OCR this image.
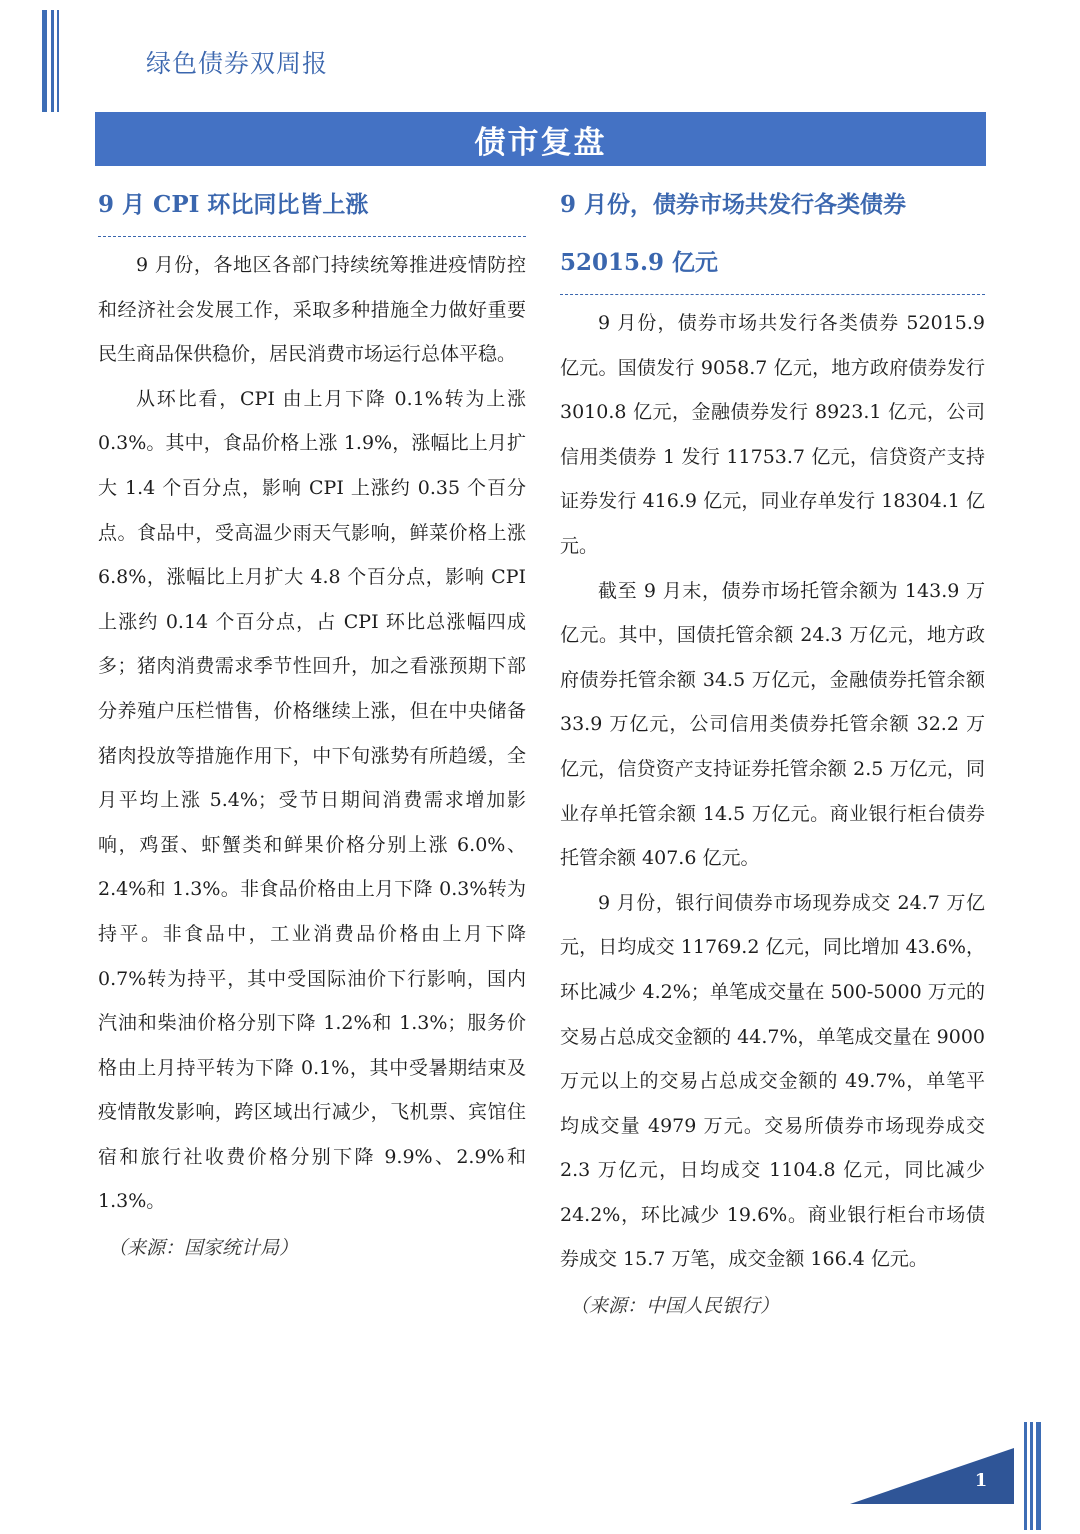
绿色债券双周报
债市复盘
9 月 CPI 环比同比皆上涨

9 月份，各地区各部门持续统筹推进疫情防控和经济社会发展工作，采取多种措施全力做好重要民生商品保供稳价，居民消费市场运行总体平稳。

从环比看，CPI 由上月下降 0.1%转为上涨 0.3%。其中，食品价格上涨 1.9%，涨幅比上月扩大 1.4 个百分点，影响 CPI 上涨约 0.35 个百分点。食品中，受高温少雨天气影响，鲜菜价格上涨 6.8%，涨幅比上月扩大 4.8 个百分点，影响 CPI 上涨约 0.14 个百分点，占 CPI 环比总涨幅四成多；猪肉消费需求季节性回升，加之看涨预期下部分养殖户压栏惜售，价格继续上涨，但在中央储备猪肉投放等措施作用下，中下旬涨势有所趋缓，全月平均上涨 5.4%；受节日期间消费需求增加影响，鸡蛋、虾蟹类和鲜果价格分别上涨 6.0%、2.4%和 1.3%。非食品价格由上月下降 0.3%转为持平。非食品中，工业消费品价格由上月下降 0.7%转为持平，其中受国际油价下行影响，国内汽油和柴油价格分别下降 1.2%和 1.3%；服务价格由上月持平转为下降 0.1%，其中受暑期结束及疫情散发影响，跨区域出行减少，飞机票、宾馆住宿和旅行社收费价格分别下降 9.9%、2.9%和 1.3%。

（来源：国家统计局）
9 月份，债券市场共发行各类债券
52015.9 亿元

9 月份，债券市场共发行各类债券 52015.9 亿元。国债发行 9058.7 亿元，地方政府债券发行 3010.8 亿元，金融债券发行 8923.1 亿元，公司信用类债券 1 发行 11753.7 亿元，信贷资产支持证券发行 416.9 亿元，同业存单发行 18304.1 亿元。

截至 9 月末，债券市场托管余额为 143.9 万亿元。其中，国债托管余额 24.3 万亿元，地方政府债券托管余额 34.5 万亿元，金融债券托管余额 33.9 万亿元，公司信用类债券托管余额 32.2 万亿元，信贷资产支持证券托管余额 2.5 万亿元，同业存单托管余额 14.5 万亿元。商业银行柜台债券托管余额 407.6 亿元。

9 月份，银行间债券市场现券成交 24.7 万亿元，日均成交 11769.2 亿元，同比增加 43.6%，环比减少 4.2%；单笔成交量在 500-5000 万元的交易占总成交金额的 44.7%，单笔成交量在 9000 万元以上的交易占总成交金额的 49.7%，单笔平均成交量 4979 万元。交易所债券市场现券成交 2.3 万亿元，日均成交 1104.8 亿元，同比减少 24.2%，环比减少 19.6%。商业银行柜台市场债券成交 15.7 万笔，成交金额 166.4 亿元。

（来源：中国人民银行）
1
